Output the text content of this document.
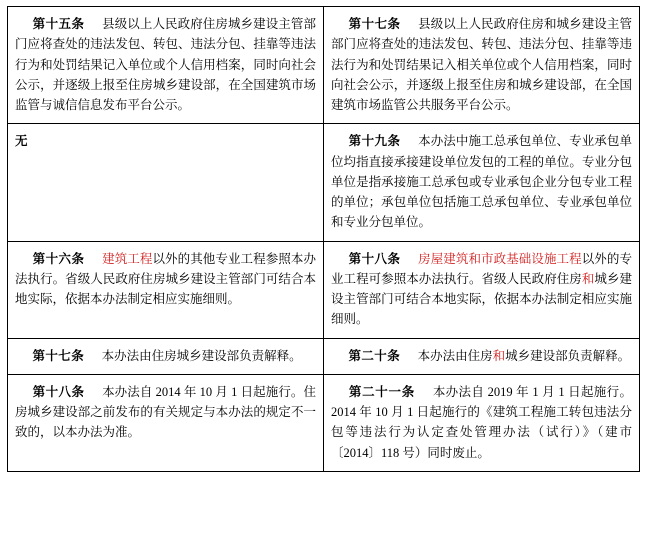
第十五条 县级以上人民政府住房城乡建设主管部门应将查处的违法发包、转包、违法分包、挂靠等违法行为和处罚结果记入单位或个人信用档案，同时向社会公示，并逐级上报至住房城乡建设部，在全国建筑市场监管与诚信信息发布平台公示。	第十七条 县级以上人民政府住房和城乡建设主管部门应将查处的违法发包、转包、违法分包、挂靠等违法行为和处罚结果记入相关单位或个人信用档案，同时向社会公示，并逐级上报至住房和城乡建设部，在全国建筑市场监管公共服务平台公示。

无	第十九条 本办法中施工总承包单位、专业承包单位均指直接承接建设单位发包的工程的单位。专业分包单位是指承接施工总承包或专业承包企业分包专业工程的单位；承包单位包括施工总承包单位、专业承包单位和专业分包单位。

第十六条 建筑工程以外的其他专业工程参照本办法执行。省级人民政府住房城乡建设主管部门可结合本地实际，依据本办法制定相应实施细则。	第十八条 房屋建筑和市政基础设施工程以外的专业工程可参照本办法执行。省级人民政府住房和城乡建设主管部门可结合本地实际，依据本办法制定相应实施细则。

第十七条 本办法由住房城乡建设部负责解释。	第二十条 本办法由住房和城乡建设部负责解释。

第十八条 本办法自 2014 年 10 月 1 日起施行。住房城乡建设部之前发布的有关规定与本办法的规定不一致的，以本办法为准。	第二十一条 本办法自 2019 年 1 月 1 日起施行。2014 年 10 月 1 日起施行的《建筑工程施工转包违法分包等违法行为认定查处管理办法（试行）》（建市〔2014〕118 号）同时废止。
